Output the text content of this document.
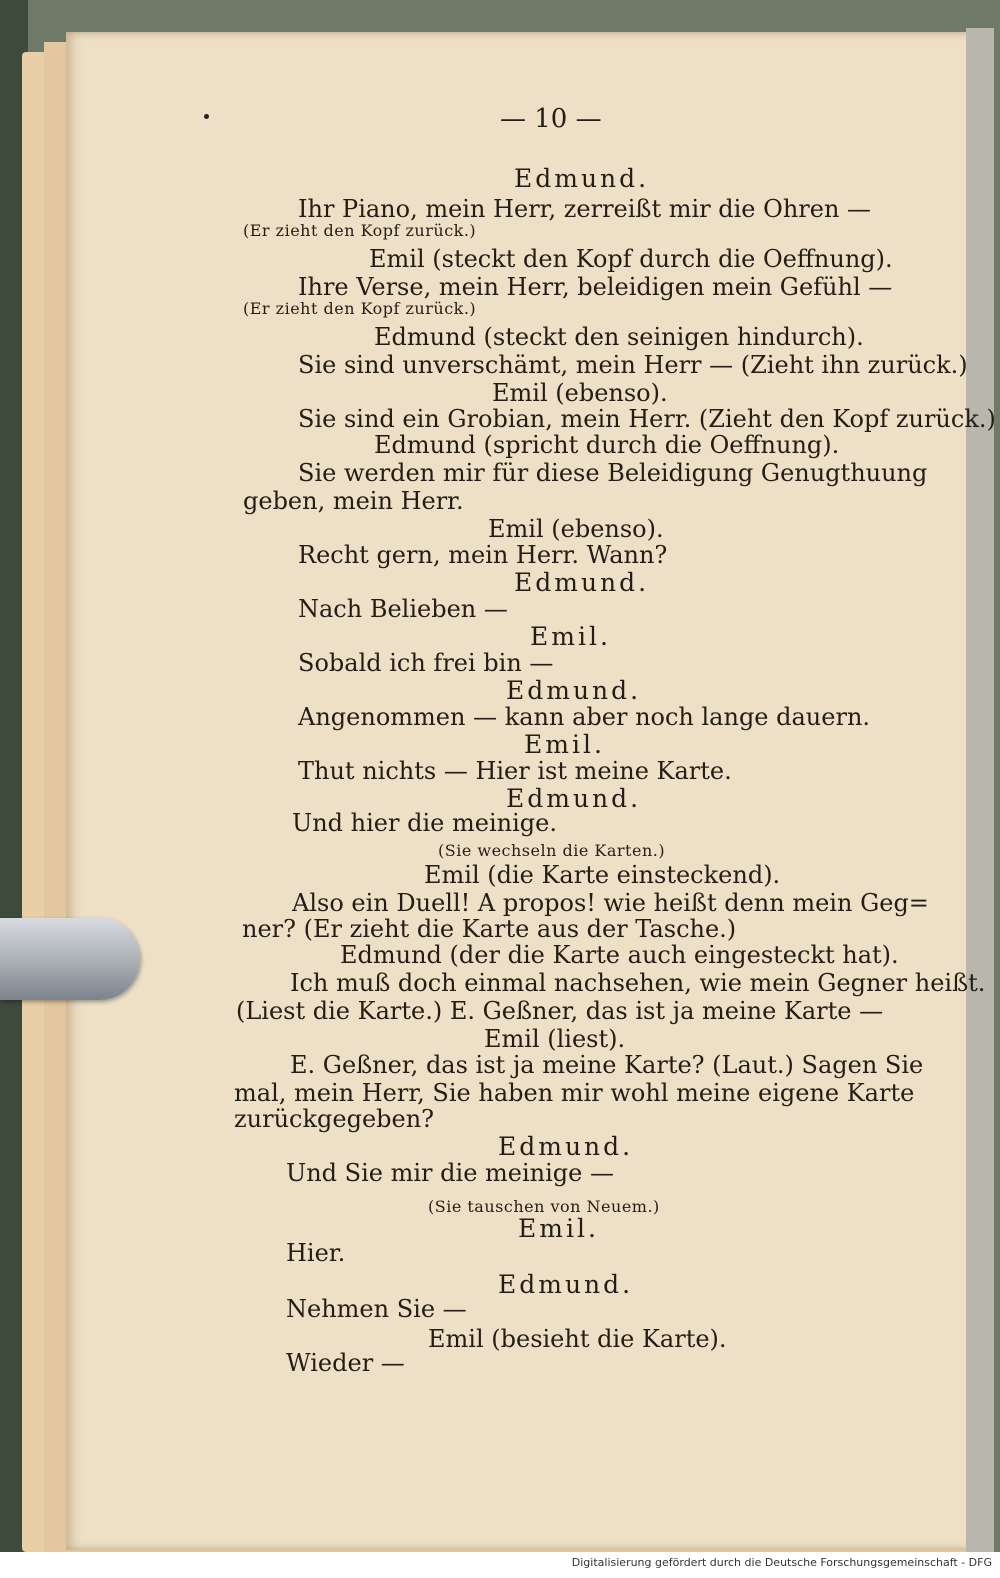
— 10 —
Edmund.
Ihr Piano, mein Herr, zerreißt mir die Ohren —
(Er zieht den Kopf zurück.)
Emil (steckt den Kopf durch die Oeffnung).
Ihre Verse, mein Herr, beleidigen mein Gefühl —
(Er zieht den Kopf zurück.)
Edmund (steckt den seinigen hindurch).
Sie sind unverschämt, mein Herr — (Zieht ihn zurück.)
Emil (ebenso).
Sie sind ein Grobian, mein Herr. (Zieht den Kopf zurück.)
Edmund (spricht durch die Oeffnung).
Sie werden mir für diese Beleidigung Genugthuung
geben, mein Herr.
Emil (ebenso).
Recht gern, mein Herr. Wann?
Edmund.
Nach Belieben —
Emil.
Sobald ich frei bin —
Edmund.
Angenommen — kann aber noch lange dauern.
Emil.
Thut nichts — Hier ist meine Karte.
Edmund.
Und hier die meinige.
(Sie wechseln die Karten.)
Emil (die Karte einsteckend).
Also ein Duell! A propos! wie heißt denn mein Geg=
ner? (Er zieht die Karte aus der Tasche.)
Edmund (der die Karte auch eingesteckt hat).
Ich muß doch einmal nachsehen, wie mein Gegner heißt.
(Liest die Karte.) E. Geßner, das ist ja meine Karte —
Emil (liest).
E. Geßner, das ist ja meine Karte? (Laut.) Sagen Sie
mal, mein Herr, Sie haben mir wohl meine eigene Karte
zurückgegeben?
Edmund.
Und Sie mir die meinige —
(Sie tauschen von Neuem.)
Emil.
Hier.
Edmund.
Nehmen Sie —
Emil (besieht die Karte).
Wieder —
Digitalisierung gefördert durch die Deutsche Forschungsgemeinschaft - DFG
